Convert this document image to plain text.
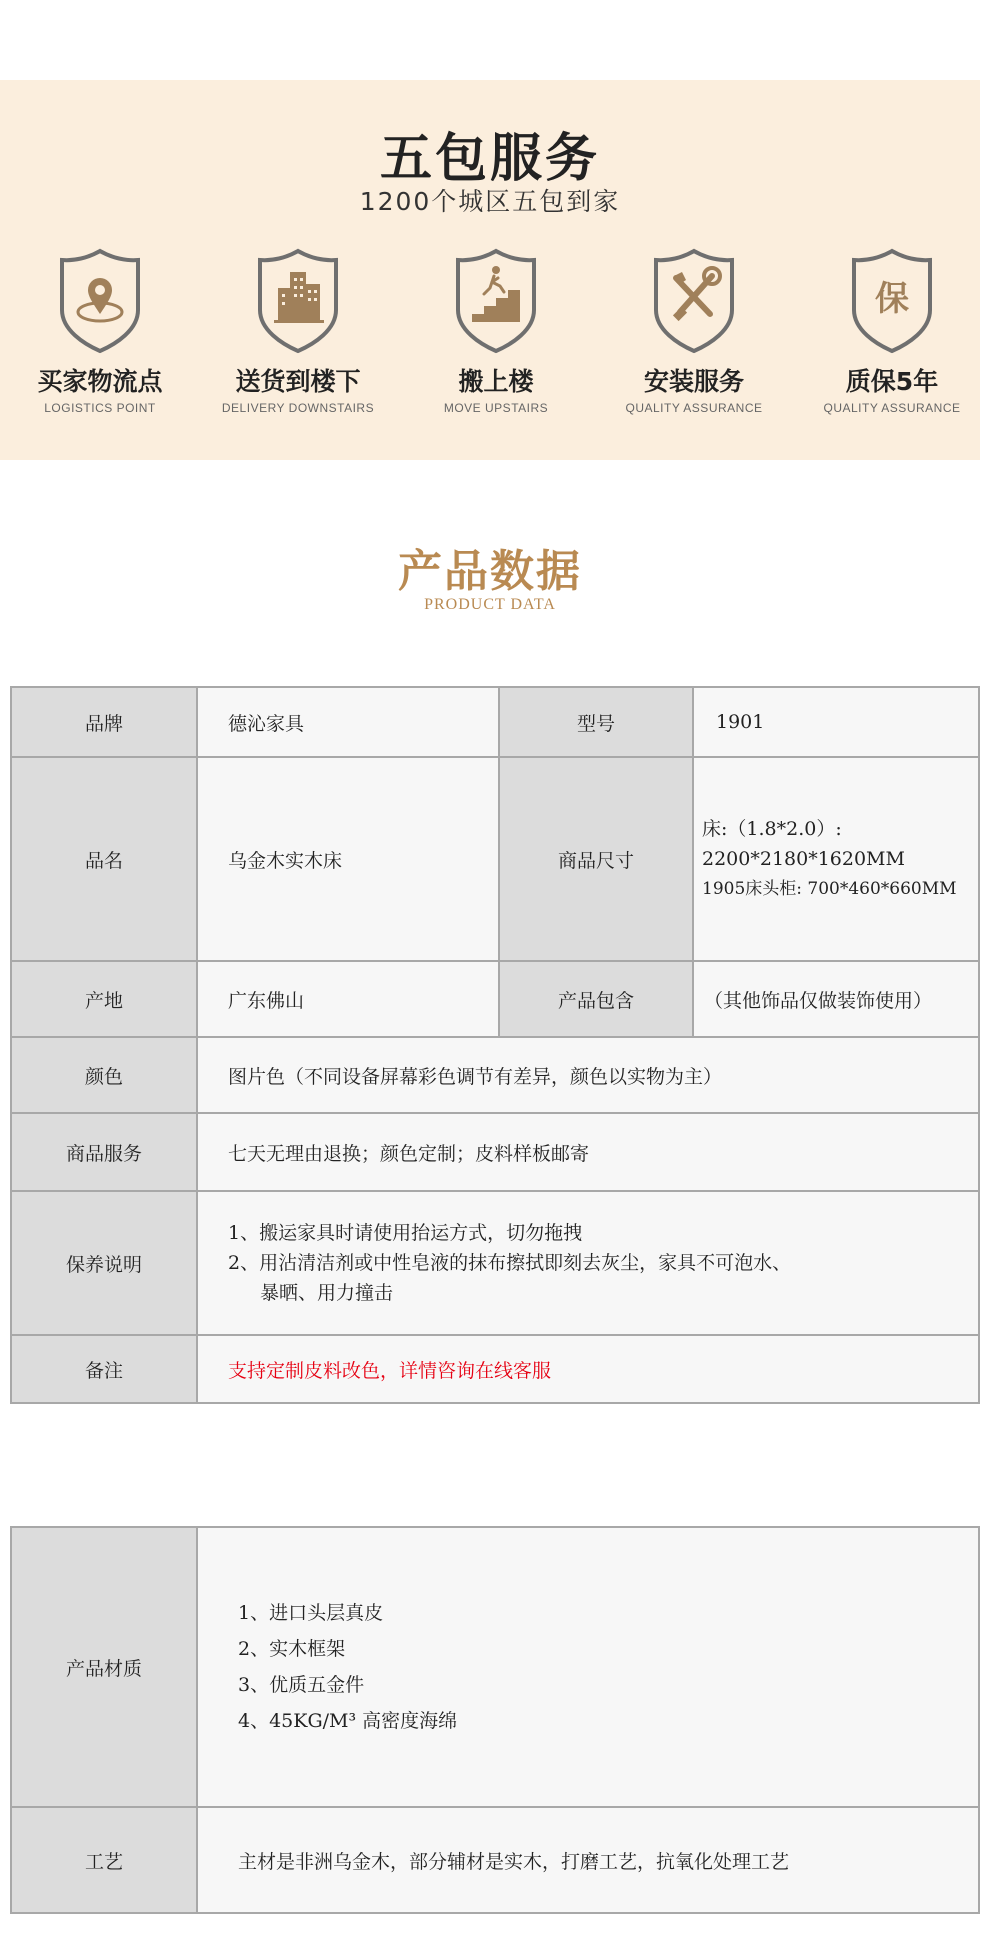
五包服务
1200个城区五包到家
买家物流点
LOGISTICS POINT
送货到楼下
DELIVERY DOWNSTAIRS
搬上楼
MOVE UPSTAIRS
安装服务
QUALITY ASSURANCE
保
质保5年
QUALITY ASSURANCE
产品数据
PRODUCT DATA
品牌	德沁家具	型号	1901
品名	乌金木实木床	商品尺寸	床:（1.8*2.0）:
2200*2180*1620MM
1905床头柜: 700*460*660MM

产地	广东佛山	产品包含	（其他饰品仅做装饰使用）
颜色	图片色（不同设备屏幕彩色调节有差异，颜色以实物为主）		
商品服务	七天无理由退换；颜色定制；皮料样板邮寄		
保养说明	1、搬运家具时请使用抬运方式，切勿拖拽
2、用沾清洁剂或中性皂液的抹布擦拭即刻去灰尘，家具不可泡水、
暴晒、用力撞击		

备注	支持定制皮料改色，详情咨询在线客服		
产品材质	1、进口头层真皮
2、实木框架
3、优质五金件
4、45KG/M³ 高密度海绵

工艺	主材是非洲乌金木，部分辅材是实木，打磨工艺，抗氧化处理工艺
